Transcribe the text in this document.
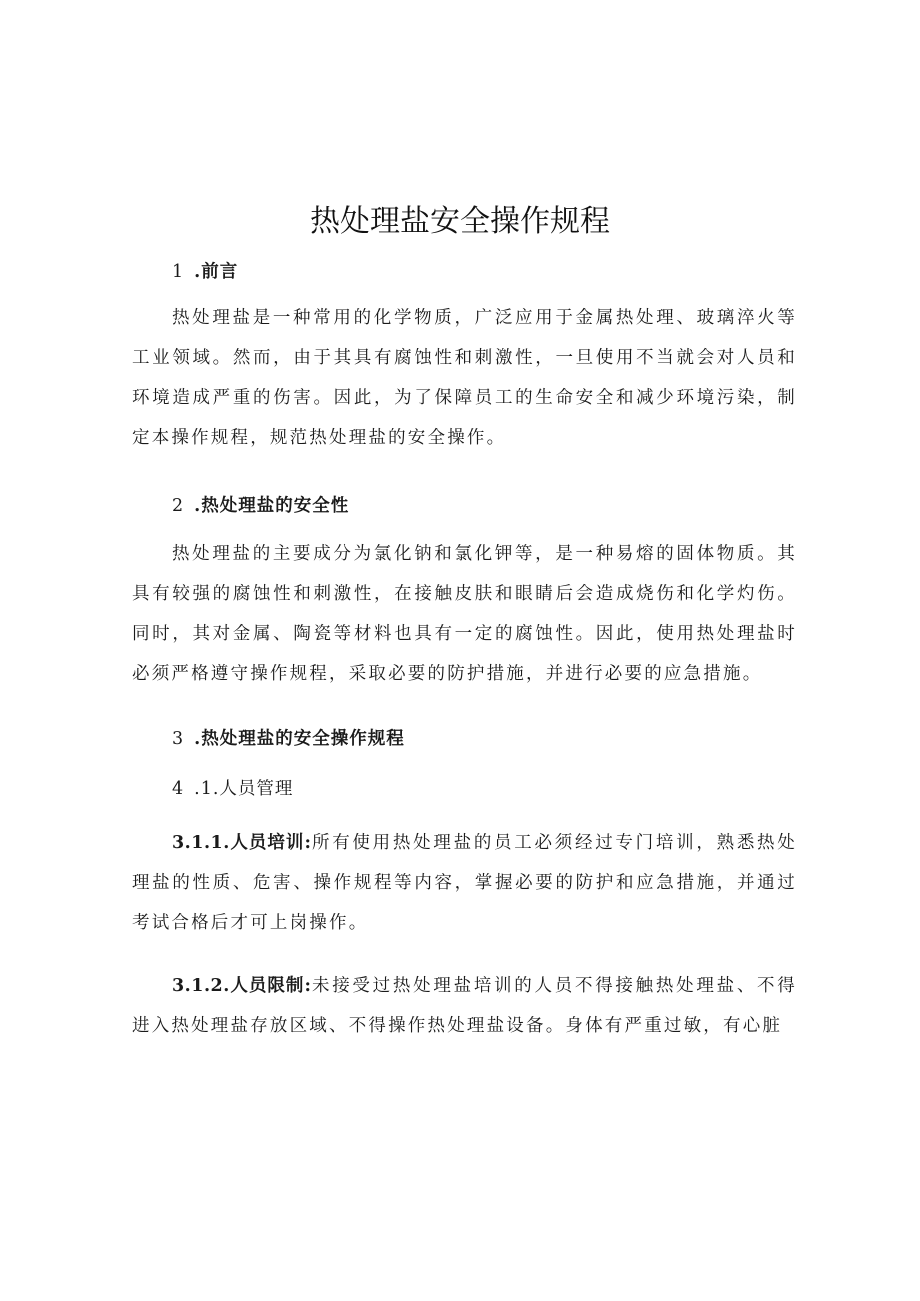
热处理盐安全操作规程
1 .前言

热处理盐是一种常用的化学物质，广泛应用于金属热处理、玻璃淬火等工业领域。然而，由于其具有腐蚀性和刺激性，一旦使用不当就会对人员和环境造成严重的伤害。因此，为了保障员工的生命安全和减少环境污染，制定本操作规程，规范热处理盐的安全操作。

2 .热处理盐的安全性

热处理盐的主要成分为氯化钠和氯化钾等，是一种易熔的固体物质。其具有较强的腐蚀性和刺激性，在接触皮肤和眼睛后会造成烧伤和化学灼伤。同时，其对金属、陶瓷等材料也具有一定的腐蚀性。因此，使用热处理盐时必须严格遵守操作规程，采取必要的防护措施，并进行必要的应急措施。

3 .热处理盐的安全操作规程
4 .1.人员管理

3.1.1.人员培训:所有使用热处理盐的员工必须经过专门培训，熟悉热处理盐的性质、危害、操作规程等内容，掌握必要的防护和应急措施，并通过考试合格后才可上岗操作。

3.1.2.人员限制:未接受过热处理盐培训的人员不得接触热处理盐、不得进入热处理盐存放区域、不得操作热处理盐设备。身体有严重过敏，有心脏
